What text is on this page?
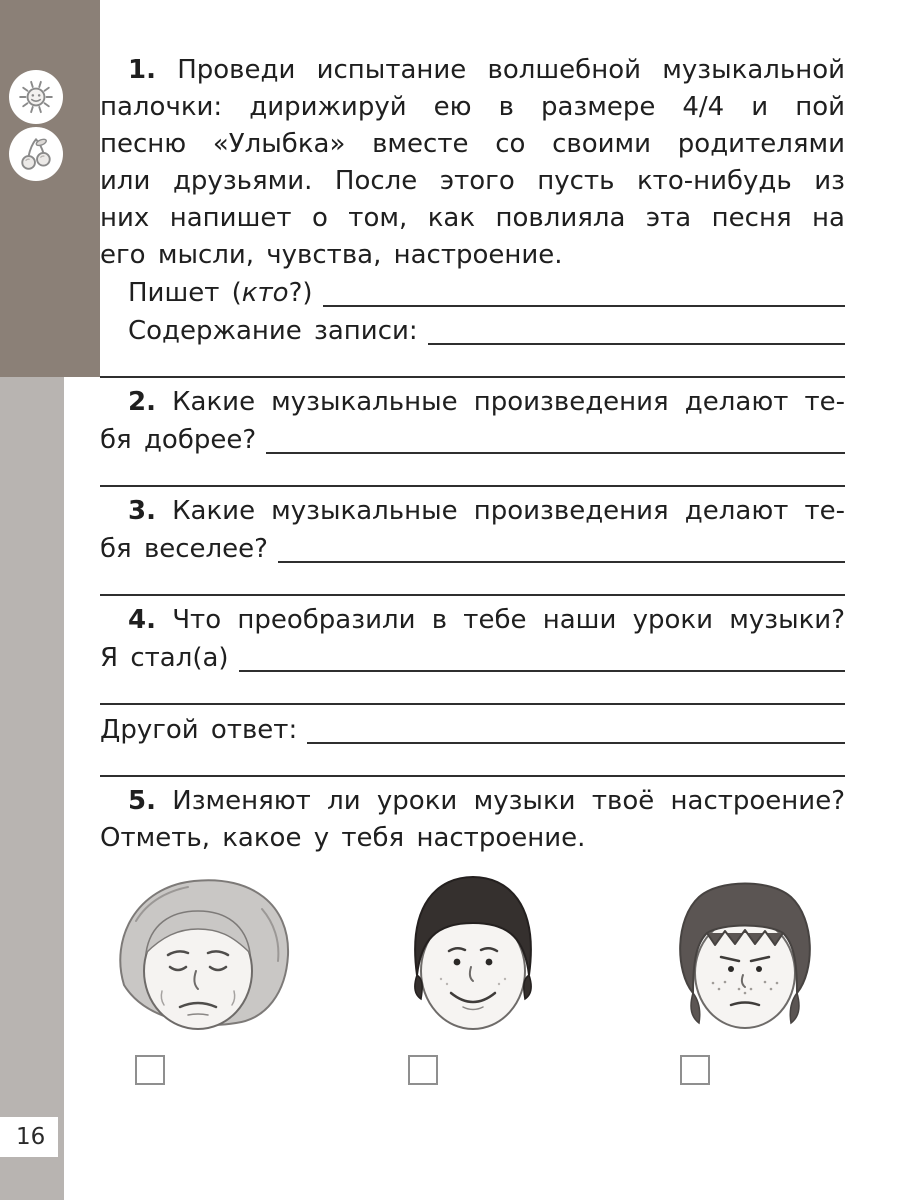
16
1. Проведи испытание волшебной музыкальной
палочки: дирижируй ею в размере 4/4 и пой
песню «Улыбка» вместе со своими родителями
или друзьями. После этого пусть кто-нибудь из
них напишет о том, как повлияла эта песня на
его мысли, чувства, настроение.
Пишет (кто?)
Содержание записи:
2. Какие музыкальные произведения делают те-
бя добрее?
3. Какие музыкальные произведения делают те-
бя веселее?
4. Что преобразили в тебе наши уроки музыки?
Я стал(а)
Другой ответ:
5. Изменяют ли уроки музыки твоё настроение?
Отметь, какое у тебя настроение.
